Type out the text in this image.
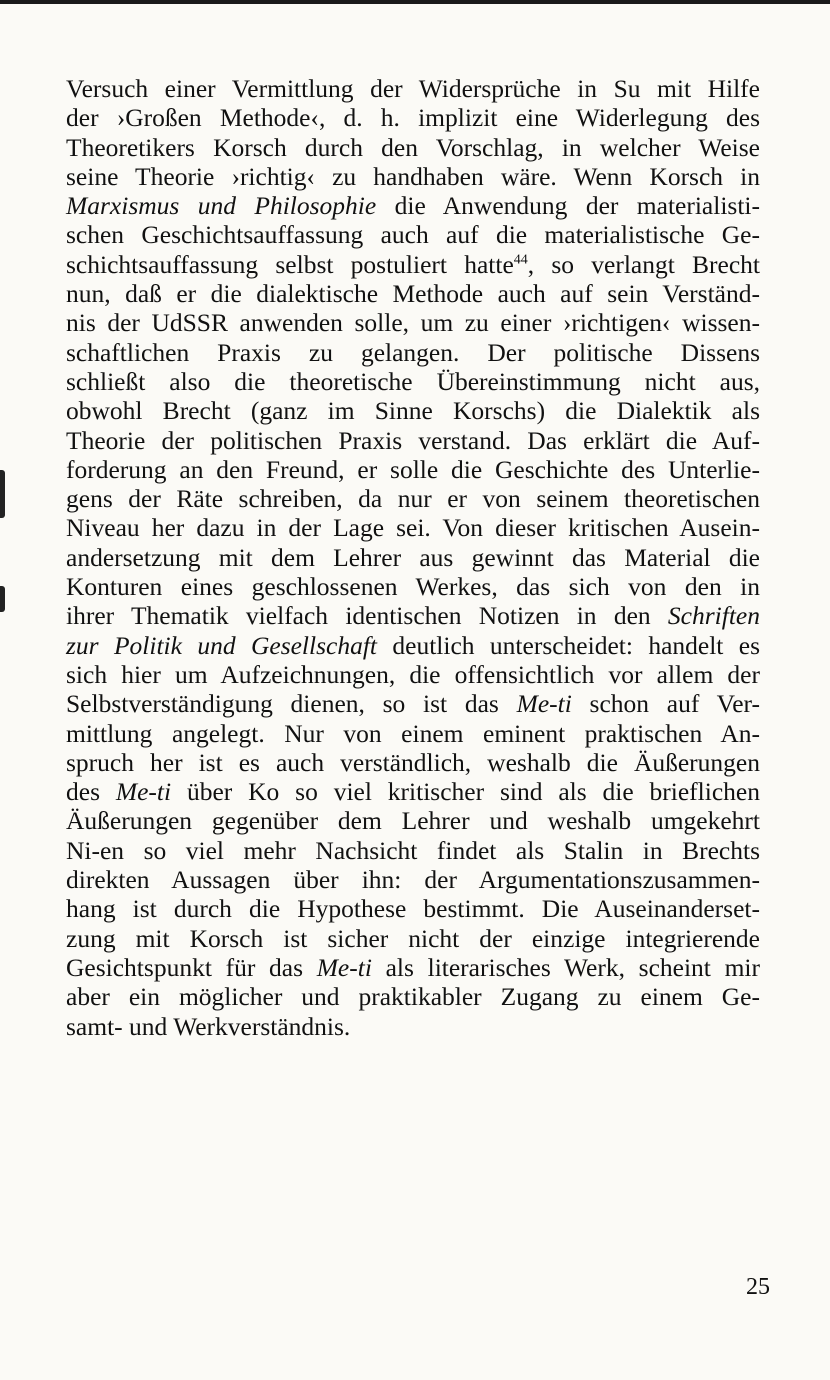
Versuch einer Vermittlung der Widersprüche in Su mit Hilfe
der ›Großen Methode‹, d. h. implizit eine Widerlegung des
Theoretikers Korsch durch den Vorschlag, in welcher Weise
seine Theorie ›richtig‹ zu handhaben wäre. Wenn Korsch in
Marxismus und Philosophie die Anwendung der materialisti-
schen Geschichtsauffassung auch auf die materialistische Ge-
schichtsauffassung selbst postuliert hatte$^{44}$, so verlangt Brecht
nun, daß er die dialektische Methode auch auf sein Verständ-
nis der UdSSR anwenden solle, um zu einer ›richtigen‹ wissen-
schaftlichen Praxis zu gelangen. Der politische Dissens
schließt also die theoretische Übereinstimmung nicht aus,
obwohl Brecht (ganz im Sinne Korschs) die Dialektik als
Theorie der politischen Praxis verstand. Das erklärt die Auf-
forderung an den Freund, er solle die Geschichte des Unterlie-
gens der Räte schreiben, da nur er von seinem theoretischen
Niveau her dazu in der Lage sei. Von dieser kritischen Ausein-
andersetzung mit dem Lehrer aus gewinnt das Material die
Konturen eines geschlossenen Werkes, das sich von den in
ihrer Thematik vielfach identischen Notizen in den Schriften
zur Politik und Gesellschaft deutlich unterscheidet: handelt es
sich hier um Aufzeichnungen, die offensichtlich vor allem der
Selbstverständigung dienen, so ist das Me-ti schon auf Ver-
mittlung angelegt. Nur von einem eminent praktischen An-
spruch her ist es auch verständlich, weshalb die Äußerungen
des Me-ti über Ko so viel kritischer sind als die brieflichen
Äußerungen gegenüber dem Lehrer und weshalb umgekehrt
Ni-en so viel mehr Nachsicht findet als Stalin in Brechts
direkten Aussagen über ihn: der Argumentationszusammen-
hang ist durch die Hypothese bestimmt. Die Auseinanderset-
zung mit Korsch ist sicher nicht der einzige integrierende
Gesichtspunkt für das Me-ti als literarisches Werk, scheint mir
aber ein möglicher und praktikabler Zugang zu einem Ge-
samt- und Werkverständnis.
25
